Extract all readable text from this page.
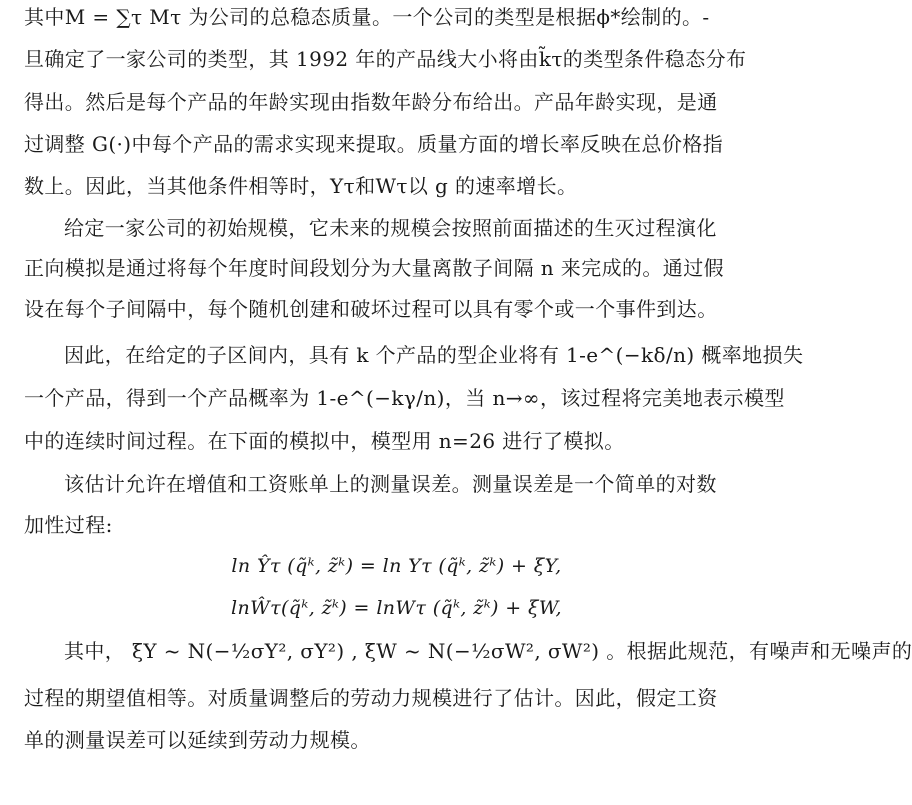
其中M = ∑τ Mτ 为公司的总稳态质量。一个公司的类型是根据ϕ*绘制的。-
旦确定了一家公司的类型，其 1992 年的产品线大小将由k̃τ的类型条件稳态分布
得出。然后是每个产品的年龄实现由指数年龄分布给出。产品年龄实现，是通
过调整 G(·)中每个产品的需求实现来提取。质量方面的增长率反映在总价格指
数上。因此，当其他条件相等时，Yτ和Wτ以 g 的速率增长。
给定一家公司的初始规模，它未来的规模会按照前面描述的生灭过程演化
正向模拟是通过将每个年度时间段划分为大量离散子间隔 n 来完成的。通过假
设在每个子间隔中，每个随机创建和破坏过程可以具有零个或一个事件到达。
因此，在给定的子区间内，具有 k 个产品的型企业将有 1-e^(−kδ/n) 概率地损失
一个产品，得到一个产品概率为 1-e^(−kγ/n)，当 n→∞，该过程将完美地表示模型
中的连续时间过程。在下面的模拟中，模型用 n=26 进行了模拟。
该估计允许在增值和工资账单上的测量误差。测量误差是一个简单的对数
加性过程:
ln Ŷτ (q̃ᵏ, z̃ᵏ) = ln Yτ (q̃ᵏ, z̃ᵏ) + ξY,
lnŴτ(q̃ᵏ, z̃ᵏ) = lnWτ (q̃ᵏ, z̃ᵏ) + ξW,
其中， ξY ~ N(−½σY², σY²) , ξW ~ N(−½σW², σW²) 。根据此规范，有噪声和无噪声的
过程的期望值相等。对质量调整后的劳动力规模进行了估计。因此，假定工资
单的测量误差可以延续到劳动力规模。
